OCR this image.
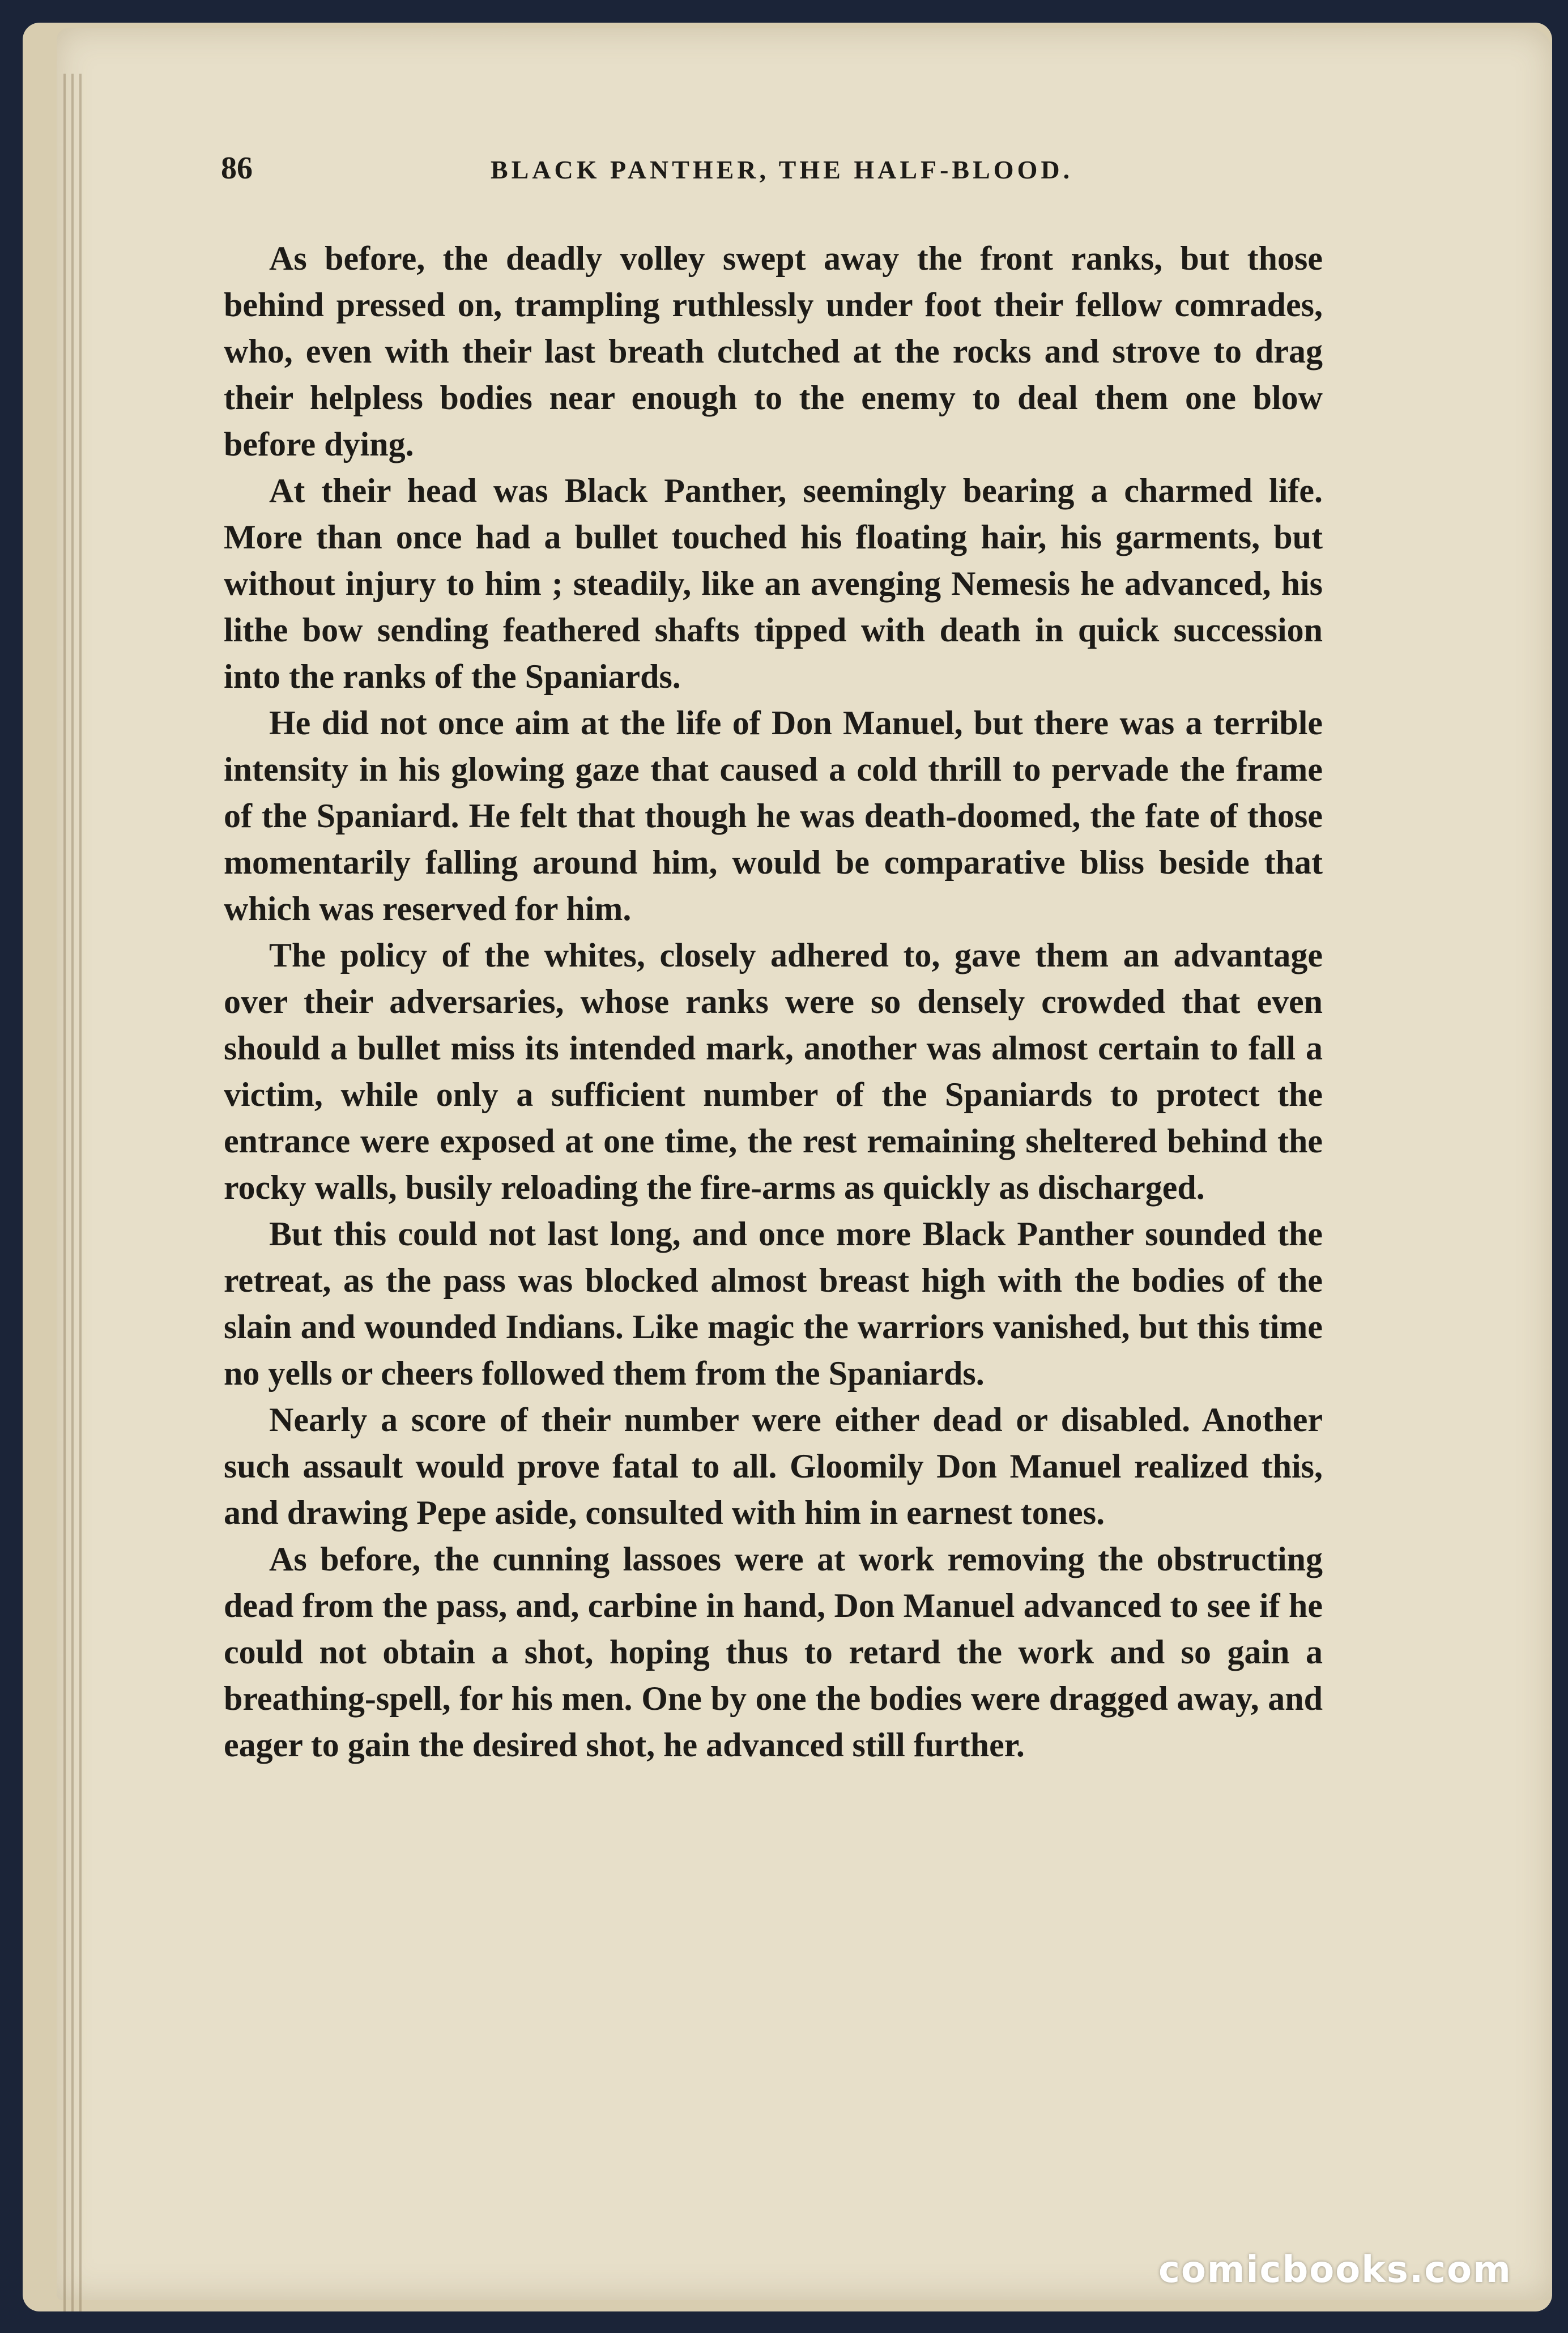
86	BLACK PANTHER, THE HALF-BLOOD.

As before, the deadly volley swept away the front ranks, but those behind pressed on, trampling ruthlessly under foot their fellow comrades, who, even with their last breath clutched at the rocks and strove to drag their helpless bodies near enough to the enemy to deal them one blow before dying.

At their head was Black Panther, seemingly bearing a charmed life. More than once had a bullet touched his floating hair, his garments, but without injury to him ; steadily, like an avenging Nemesis he advanced, his lithe bow sending feathered shafts tipped with death in quick succession into the ranks of the Spaniards.

He did not once aim at the life of Don Manuel, but there was a terrible intensity in his glowing gaze that caused a cold thrill to pervade the frame of the Spaniard. He felt that though he was death-doomed, the fate of those momentarily falling around him, would be comparative bliss beside that which was reserved for him.

The policy of the whites, closely adhered to, gave them an advantage over their adversaries, whose ranks were so densely crowded that even should a bullet miss its intended mark, another was almost certain to fall a victim, while only a sufficient number of the Spaniards to protect the entrance were exposed at one time, the rest remaining sheltered behind the rocky walls, busily reloading the fire-arms as quickly as discharged.

But this could not last long, and once more Black Panther sounded the retreat, as the pass was blocked almost breast high with the bodies of the slain and wounded Indians. Like magic the warriors vanished, but this time no yells or cheers followed them from the Spaniards.

Nearly a score of their number were either dead or disabled. Another such assault would prove fatal to all. Gloomily Don Manuel realized this, and drawing Pepe aside, consulted with him in earnest tones.

As before, the cunning lassoes were at work removing the obstructing dead from the pass, and, carbine in hand, Don Manuel advanced to see if he could not obtain a shot, hoping thus to retard the work and so gain a breathing-spell, for his men. One by one the bodies were dragged away, and eager to gain the desired shot, he advanced still further.

comicbooks.com
